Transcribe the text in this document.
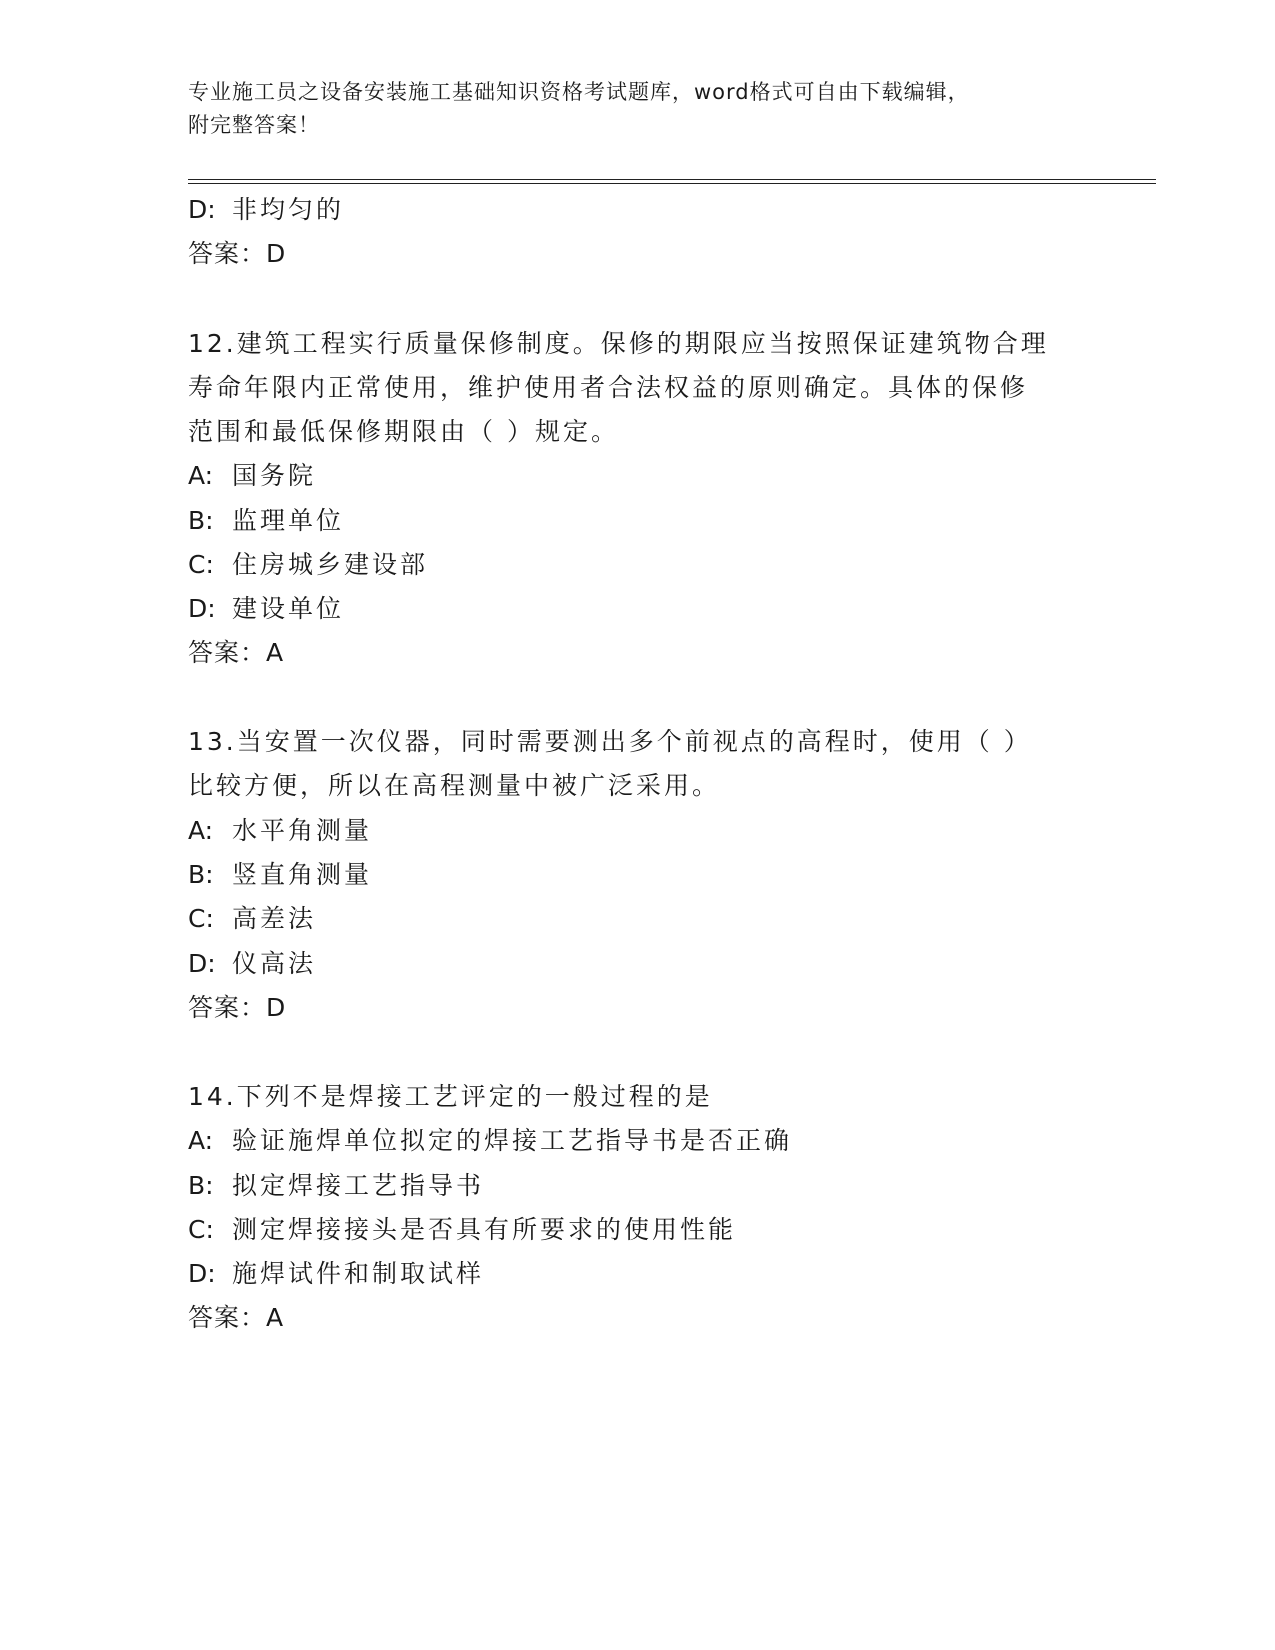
专业施工员之设备安装施工基础知识资格考试题库，word格式可自由下载编辑，
附完整答案！
D: 非均匀的
答案：D
12.建筑工程实行质量保修制度。保修的期限应当按照保证建筑物合理
寿命年限内正常使用，维护使用者合法权益的原则确定。具体的保修
范围和最低保修期限由（ ）规定。
A: 国务院
B: 监理单位
C: 住房城乡建设部
D: 建设单位
答案：A
13.当安置一次仪器，同时需要测出多个前视点的高程时，使用（ ）
比较方便，所以在高程测量中被广泛采用。
A: 水平角测量
B: 竖直角测量
C: 高差法
D: 仪高法
答案：D
14.下列不是焊接工艺评定的一般过程的是
A: 验证施焊单位拟定的焊接工艺指导书是否正确
B: 拟定焊接工艺指导书
C: 测定焊接接头是否具有所要求的使用性能
D: 施焊试件和制取试样
答案：A
